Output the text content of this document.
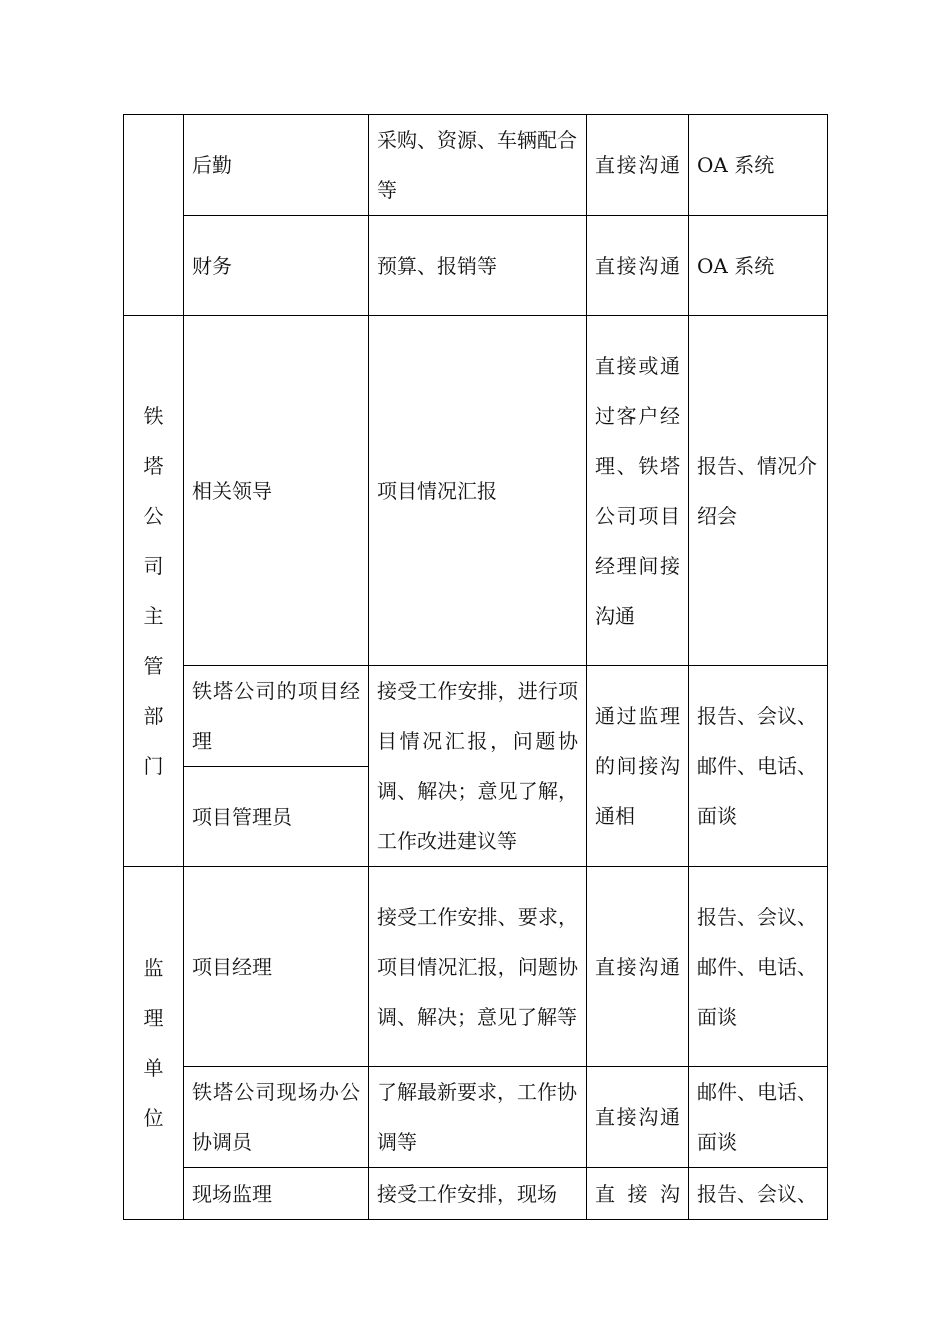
	后勤	采购、资源、车辆配合等	直接沟通	OA 系统
	财务	预算、报销等	直接沟通	OA 系统

铁塔公司主管部门	相关领导	项目情况汇报	直接或通过客户经理、铁塔公司项目经理间接沟通	报告、情况介绍会
	铁塔公司的项目经理	接受工作安排，进行项目情况汇报，问题协调、解决；意见了解，工作改进建议等	通过监理的间接沟通相	报告、会议、邮件、电话、面谈
	项目管理员			

监理单位	项目经理	接受工作安排、要求，项目情况汇报，问题协调、解决；意见了解等	直接沟通	报告、会议、邮件、电话、面谈
	铁塔公司现场办公协调员	了解最新要求，工作协调等	直接沟通	邮件、电话、面谈
	现场监理	接受工作安排，现场	直接沟	报告、会议、
